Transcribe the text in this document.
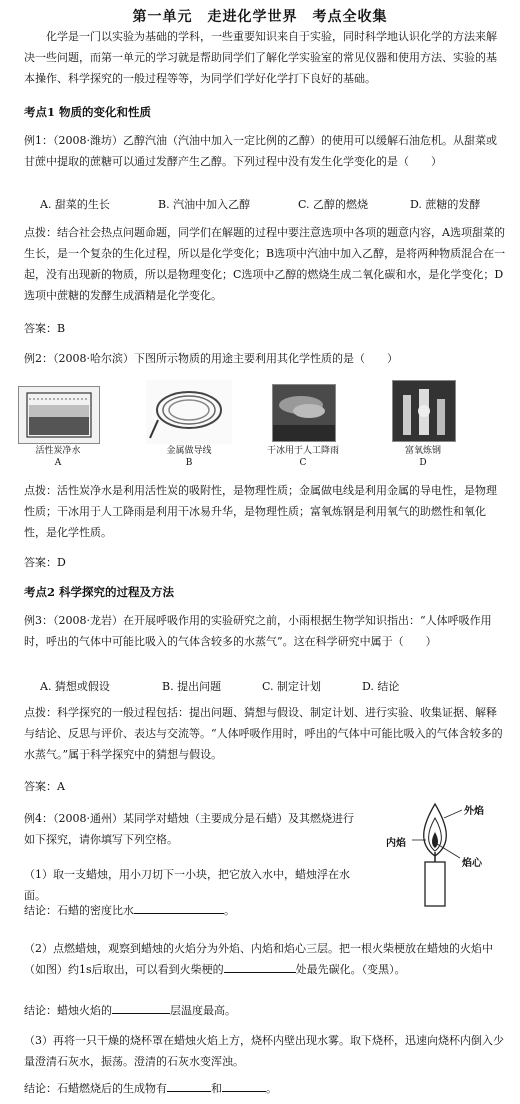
第一单元　走进化学世界　考点全收集
化学是一门以实验为基础的学科，一些重要知识来自于实验，同时科学地认识化学的方法来解决一些问题，而第一单元的学习就是帮助同学们了解化学实验室的常见仪器和使用方法、实验的基本操作、科学探究的一般过程等等，为同学们学好化学打下良好的基础。
考点1 物质的变化和性质
例1：（2008·潍坊）乙醇汽油（汽油中加入一定比例的乙醇）的使用可以缓解石油危机。从甜菜或甘蔗中提取的蔗糖可以通过发酵产生乙醇。下列过程中没有发生化学变化的是（　　）
A. 甜菜的生长	B. 汽油中加入乙醇	C. 乙醇的燃烧	D. 蔗糖的发酵
点拨：结合社会热点问题命题，同学们在解题的过程中要注意选项中各项的题意内容，A选项甜菜的生长，是一个复杂的生化过程，所以是化学变化；B选项中汽油中加入乙醇，是将两种物质混合在一起，没有出现新的物质，所以是物理变化；C选项中乙醇的燃烧生成二氧化碳和水，是化学变化；D选项中蔗糖的发酵生成酒精是化学变化。
答案：B
例2：（2008·哈尔滨）下图所示物质的用途主要利用其化学性质的是（　　）
活性炭净水
A
金属做导线
B
干冰用于人工降雨
C
富氧炼钢
D
点拨：活性炭净水是利用活性炭的吸附性，是物理性质；金属做电线是利用金属的导电性，是物理性质；干冰用于人工降雨是利用干冰易升华，是物理性质；富氧炼钢是利用氧气的助燃性和氧化性，是化学性质。
答案：D
考点2 科学探究的过程及方法
例3：（2008·龙岩）在开展呼吸作用的实验研究之前，小雨根据生物学知识指出：“人体呼吸作用时，呼出的气体中可能比吸入的气体含较多的水蒸气”。这在科学研究中属于（　　）
A. 猜想或假设	B. 提出问题	C. 制定计划	D. 结论
点拨：科学探究的一般过程包括：提出问题、猜想与假设、制定计划、进行实验、收集证据、解释与结论、反思与评价、表达与交流等。“人体呼吸作用时，呼出的气体中可能比吸入的气体含较多的水蒸气。”属于科学探究中的猜想与假设。
答案：A
例4：（2008·通州）某同学对蜡烛（主要成分是石蜡）及其燃烧进行如下探究，请你填写下列空格。
外焰
内焰
焰心
（1）取一支蜡烛，用小刀切下一小块，把它放入水中，蜡烛浮在水面。
结论：石蜡的密度比水	。
（2）点燃蜡烛，观察到蜡烛的火焰分为外焰、内焰和焰心三层。把一根火柴梗放在蜡烛的火焰中
（如图）约1s后取出，可以看到火柴梗的	处最先碳化。（变黑）。
结论：蜡烛火焰的	层温度最高。
（3）再将一只干燥的烧杯罩在蜡烛火焰上方，烧杯内壁出现水雾。取下烧杯，迅速向烧杯内倒入少量澄清石灰水，振荡。澄清的石灰水变浑浊。
结论：石蜡燃烧后的生成物有	和	。
